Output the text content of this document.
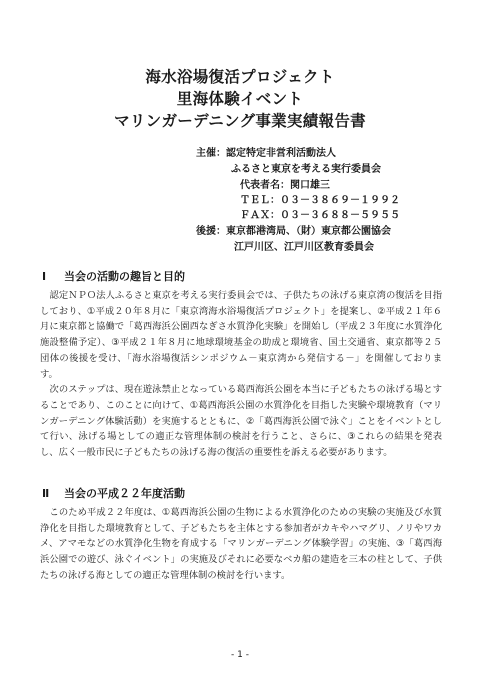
海水浴場復活プロジェクト
里海体験イベント
マリンガーデニング事業実績報告書
主催： 認定特定非営利活動法人
ふるさと東京を考える実行委員会
代表者名：関口雄三
ＴＥＬ：０３－３８６９－１９９２
ＦＡＸ：０３－３６８８－５９５５
後援： 東京都港湾局、（財）東京都公園協会
江戸川区、江戸川区教育委員会
Ⅰ 当会の活動の趣旨と目的

認定ＮＰＯ法人ふるさと東京を考える実行委員会では、子供たちの泳げる東京湾の復活を目指しており、①平成２０年８月に「東京湾海水浴場復活プロジェクト」を提案し、②平成２１年６月に東京都と協働で「葛西海浜公園西なぎさ水質浄化実験」を開始し（平成２３年度に水質浄化施設整備予定）、③平成２１年８月に地球環境基金の助成と環境省、国土交通省、東京都等２５団体の後援を受け、「海水浴場復活シンポジウム－東京湾から発信する－」を開催しております。

次のステップは、現在遊泳禁止となっている葛西海浜公園を本当に子どもたちの泳げる場とすることであり、このことに向けて、①葛西海浜公園の水質浄化を目指した実験や環境教育（マリンガーデニング体験活動）を実施するとともに、②「葛西海浜公園で泳ぐ」ことをイベントとして行い、泳げる場としての適正な管理体制の検討を行うこと、さらに、③これらの結果を発表し、広く一般市民に子どもたちの泳げる海の復活の重要性を訴える必要があります。

Ⅱ 当会の平成２２年度活動

このため平成２２年度は、①葛西海浜公園の生物による水質浄化のための実験の実施及び水質浄化を目指した環境教育として、子どもたちを主体とする参加者がカキやハマグリ、ノリやワカメ、アマモなどの水質浄化生物を育成する「マリンガーデニング体験学習」の実施、③「葛西海浜公園での遊び、泳ぐイベント」の実施及びそれに必要なベカ船の建造を三本の柱として、子供たちの泳げる海としての適正な管理体制の検討を行います。

- 1 -
